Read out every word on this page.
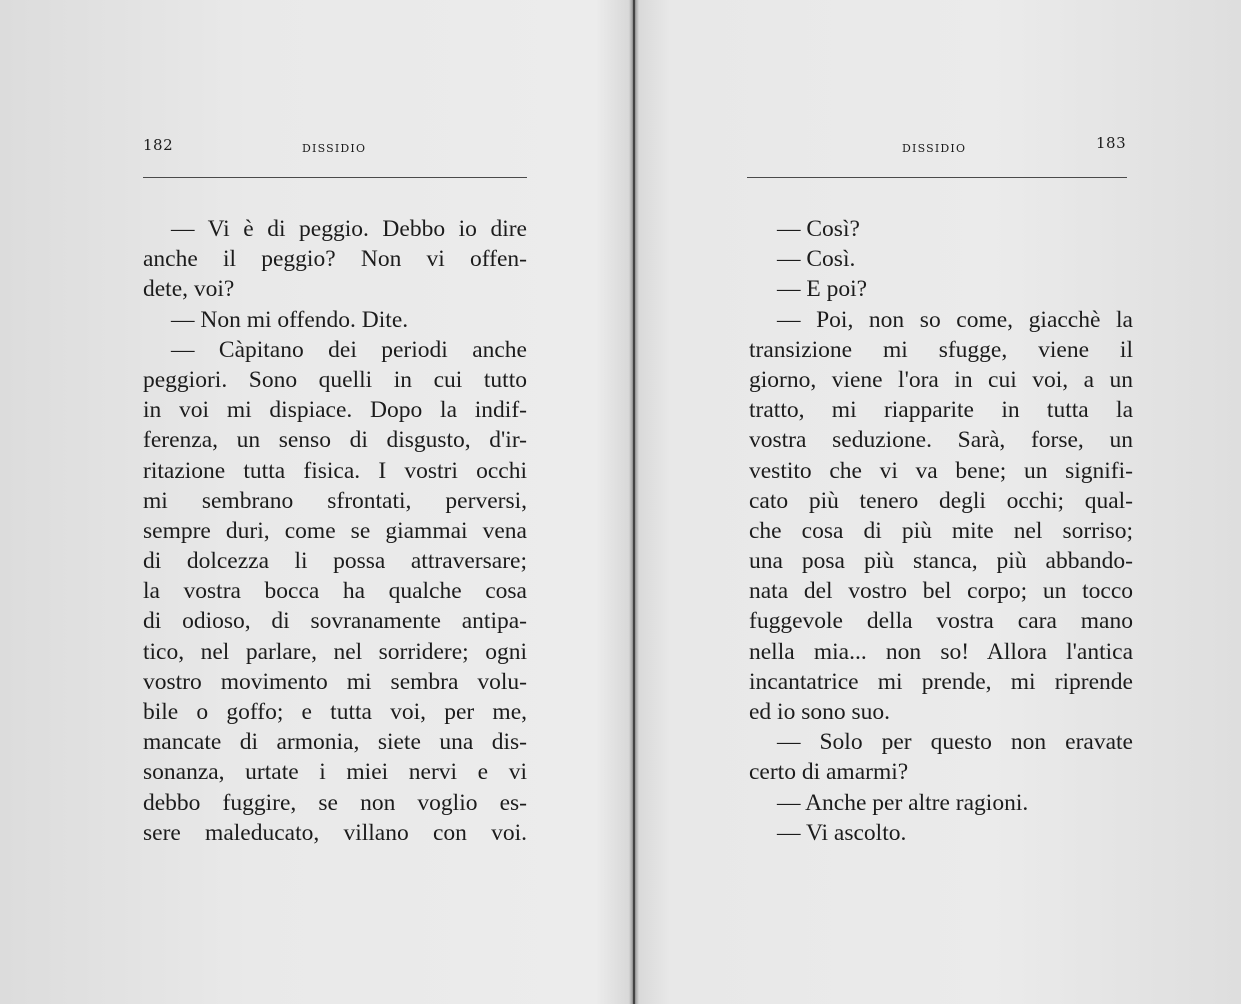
182	DISSIDIO
— Vi è di peggio. Debbo io dire
anche il peggio? Non vi offen-
dete, voi?
— Non mi offendo. Dite.
— Càpitano dei periodi anche
peggiori. Sono quelli in cui tutto
in voi mi dispiace. Dopo la indif-
ferenza, un senso di disgusto, d'ir-
ritazione tutta fisica. I vostri occhi
mi sembrano sfrontati, perversi,
sempre duri, come se giammai vena
di dolcezza li possa attraversare;
la vostra bocca ha qualche cosa
di odioso, di sovranamente antipa-
tico, nel parlare, nel sorridere; ogni
vostro movimento mi sembra volu-
bile o goffo; e tutta voi, per me,
mancate di armonia, siete una dis-
sonanza, urtate i miei nervi e vi
debbo fuggire, se non voglio es-
sere maleducato, villano con voi.
DISSIDIO	183
— Così?
— Così.
— E poi?
— Poi, non so come, giacchè la
transizione mi sfugge, viene il
giorno, viene l'ora in cui voi, a un
tratto, mi riapparite in tutta la
vostra seduzione. Sarà, forse, un
vestito che vi va bene; un signifi-
cato più tenero degli occhi; qual-
che cosa di più mite nel sorriso;
una posa più stanca, più abbando-
nata del vostro bel corpo; un tocco
fuggevole della vostra cara mano
nella mia... non so! Allora l'antica
incantatrice mi prende, mi riprende
ed io sono suo.
— Solo per questo non eravate
certo di amarmi?
— Anche per altre ragioni.
— Vi ascolto.
